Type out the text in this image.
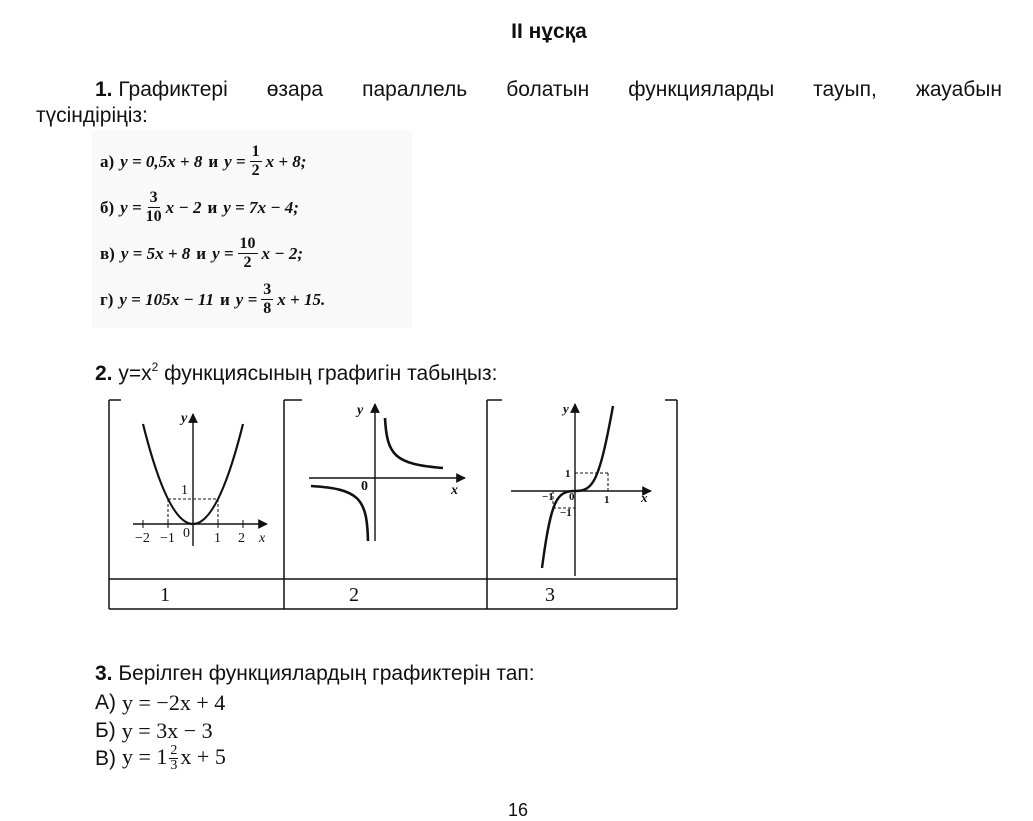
II нұсқа
1. Графиктері өзара параллель болатын функцияларды тауып, жауабын
түсіндіріңіз:
а) y = 0,5x + 8 и $y = \frac{1}{2}$ x + 8;
б) $y = \frac{3}{10}$ x − 2 и y = 7x − 4;
в) y = 5x + 8 и $y = \frac{10}{2}$ x − 2;
г) y = 105x − 11 и $y = \frac{3}{8}$ x + 15.
2. $y=x^2$ функциясының графигін табыңыз:
y
x
1
−2 −1 0 1 2
y
x
0
y
x
1
−1 0	1
−1
1	2	3
3. Берілген функциялардың графиктерін тап:
А) y = −2x + 4
Б) y = 3x − 3
В) $y = 1 \frac{2}{3}$ x + 5
16
